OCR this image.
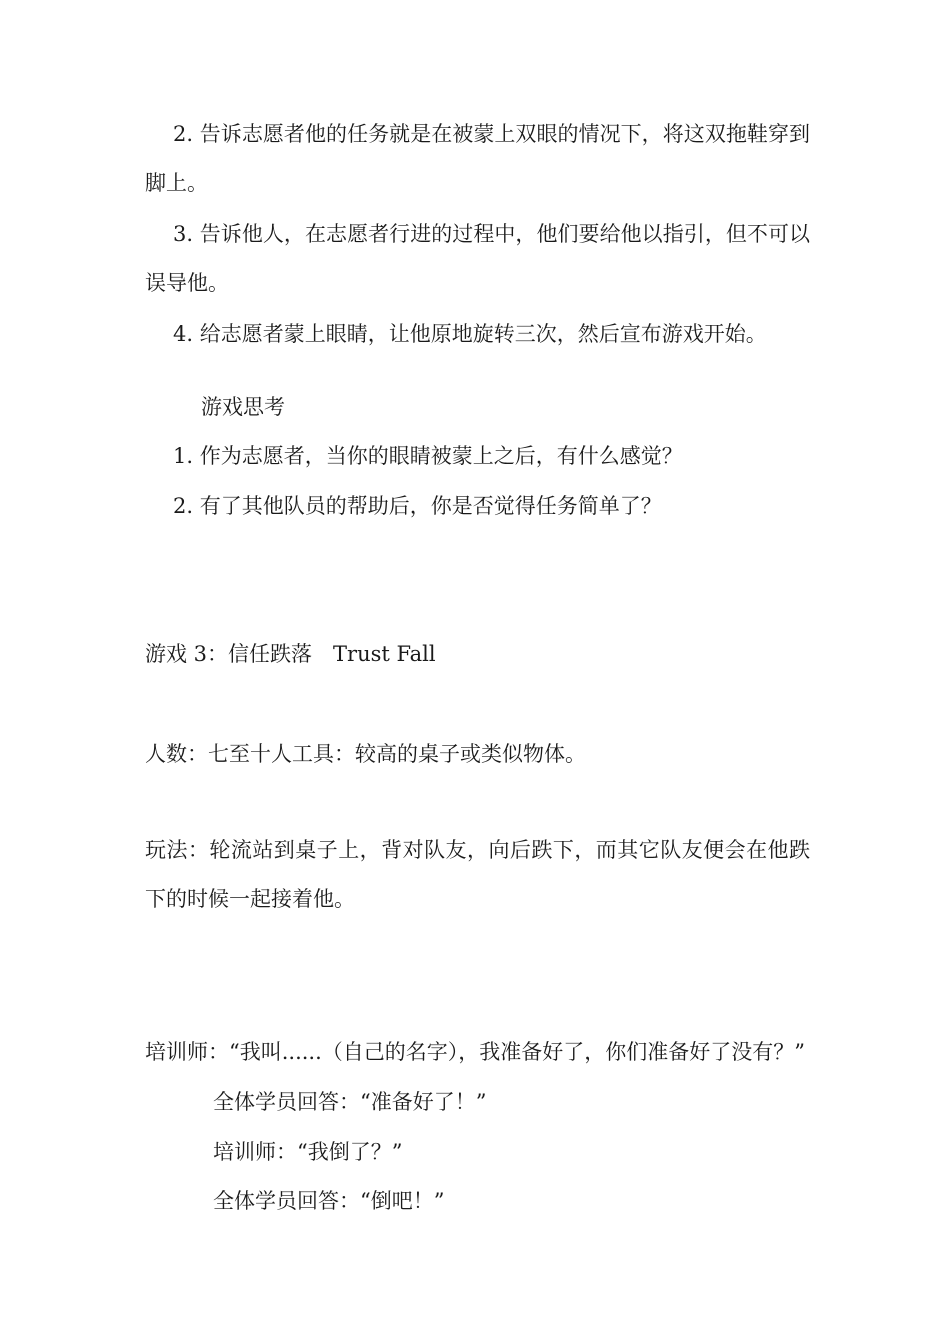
2. 告诉志愿者他的任务就是在被蒙上双眼的情况下，将这双拖鞋穿到脚上。

3. 告诉他人，在志愿者行进的过程中，他们要给他以指引，但不可以误导他。

4. 给志愿者蒙上眼睛，让他原地旋转三次，然后宣布游戏开始。
游戏思考
1. 作为志愿者，当你的眼睛被蒙上之后，有什么感觉？
2. 有了其他队员的帮助后，你是否觉得任务简单了？
游戏 3：信任跌落　Trust Fall
人数：七至十人工具：较高的桌子或类似物体。

玩法：轮流站到桌子上，背对队友，向后跌下，而其它队友便会在他跌下的时候一起接着他。

培训师：“我叫......（自己的名字），我准备好了，你们准备好了没有？”
全体学员回答：“准备好了！”
培训师：“我倒了？”
全体学员回答：“倒吧！”
